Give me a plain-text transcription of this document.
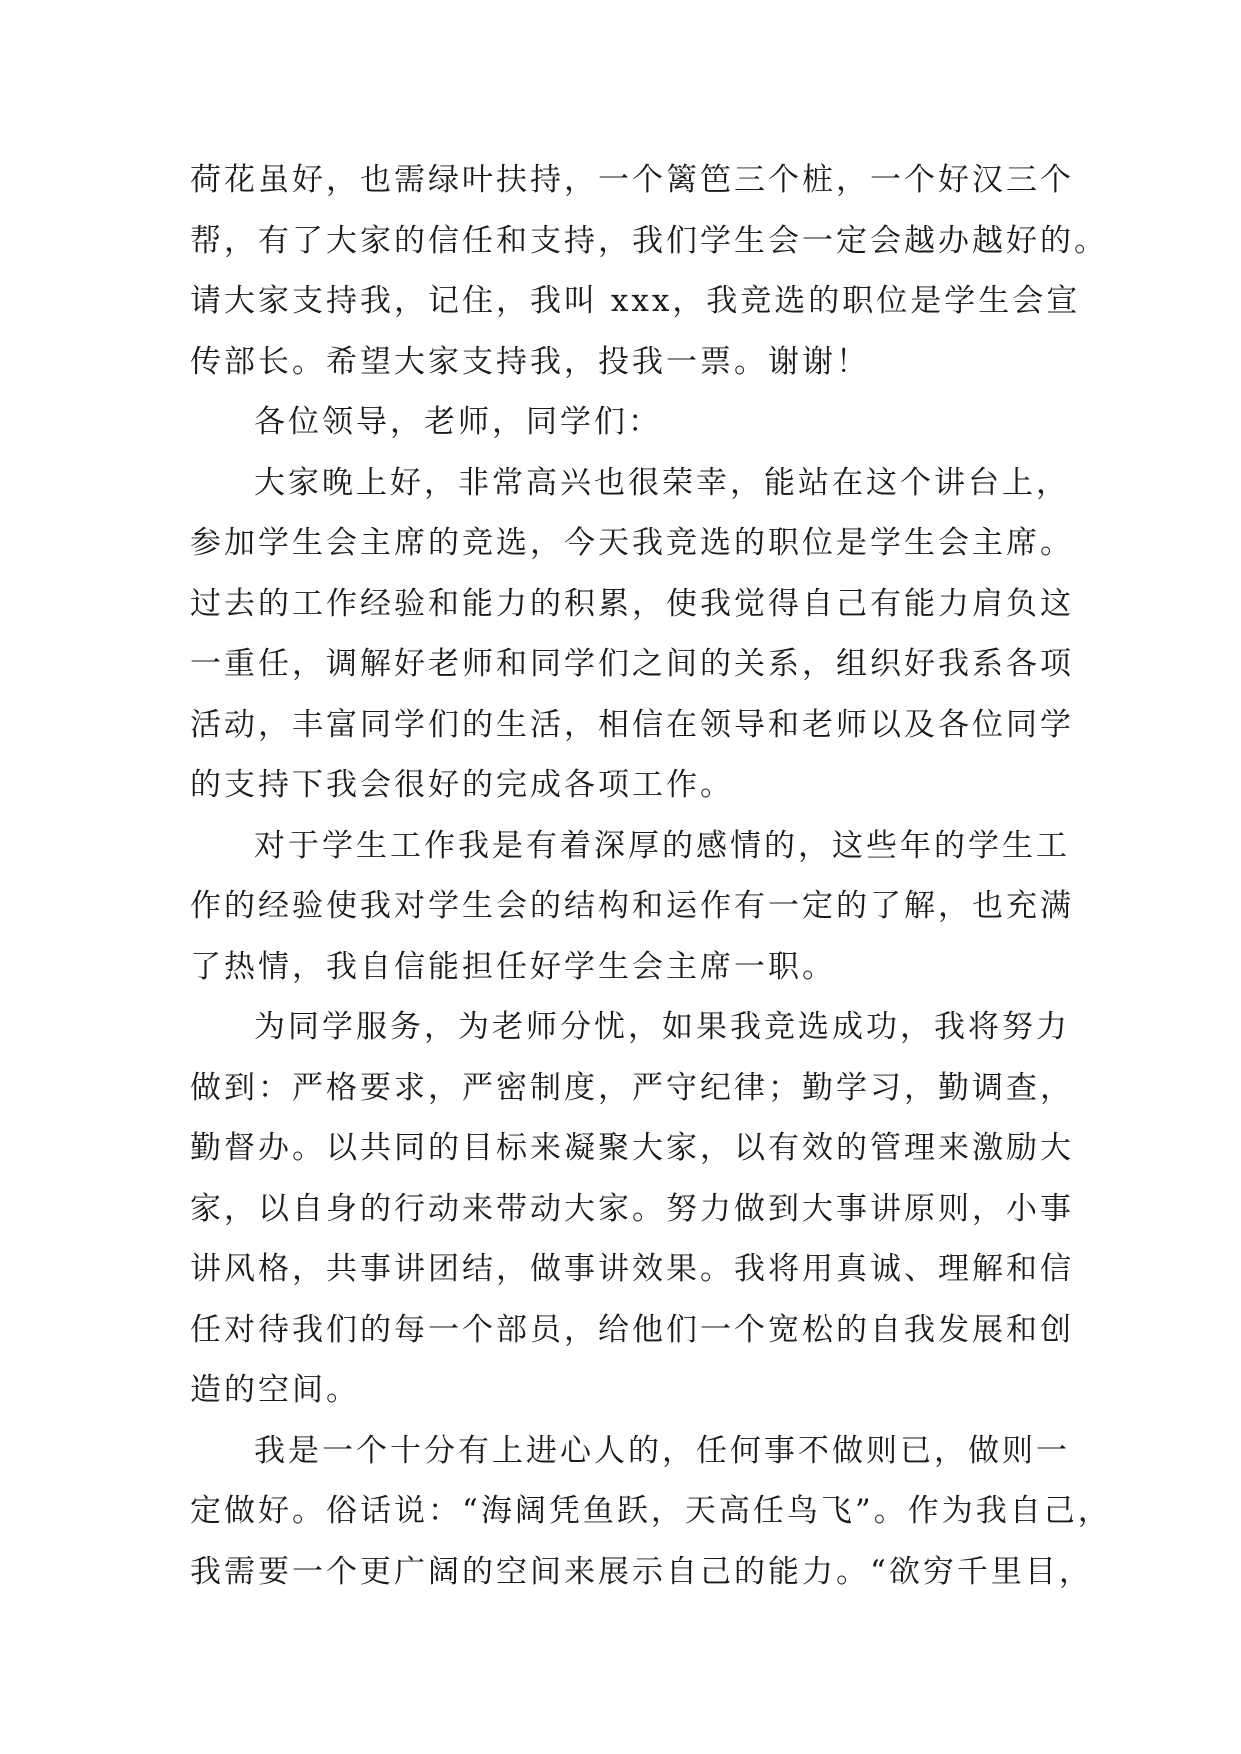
荷花虽好，也需绿叶扶持，一个篱笆三个桩，一个好汉三个
帮，有了大家的信任和支持，我们学生会一定会越办越好的。
请大家支持我，记住，我叫 xxx，我竞选的职位是学生会宣
传部长。希望大家支持我，投我一票。谢谢！
各位领导，老师，同学们：
大家晚上好，非常高兴也很荣幸，能站在这个讲台上，
参加学生会主席的竞选，今天我竞选的职位是学生会主席。
过去的工作经验和能力的积累，使我觉得自己有能力肩负这
一重任，调解好老师和同学们之间的关系，组织好我系各项
活动，丰富同学们的生活，相信在领导和老师以及各位同学
的支持下我会很好的完成各项工作。
对于学生工作我是有着深厚的感情的，这些年的学生工
作的经验使我对学生会的结构和运作有一定的了解，也充满
了热情，我自信能担任好学生会主席一职。
为同学服务，为老师分忧，如果我竞选成功，我将努力
做到：严格要求，严密制度，严守纪律；勤学习，勤调查，
勤督办。以共同的目标来凝聚大家，以有效的管理来激励大
家，以自身的行动来带动大家。努力做到大事讲原则，小事
讲风格，共事讲团结，做事讲效果。我将用真诚、理解和信
任对待我们的每一个部员，给他们一个宽松的自我发展和创
造的空间。
我是一个十分有上进心人的，任何事不做则已，做则一
定做好。俗话说：“海阔凭鱼跃，天高任鸟飞”。作为我自己，
我需要一个更广阔的空间来展示自己的能力。“欲穷千里目，
